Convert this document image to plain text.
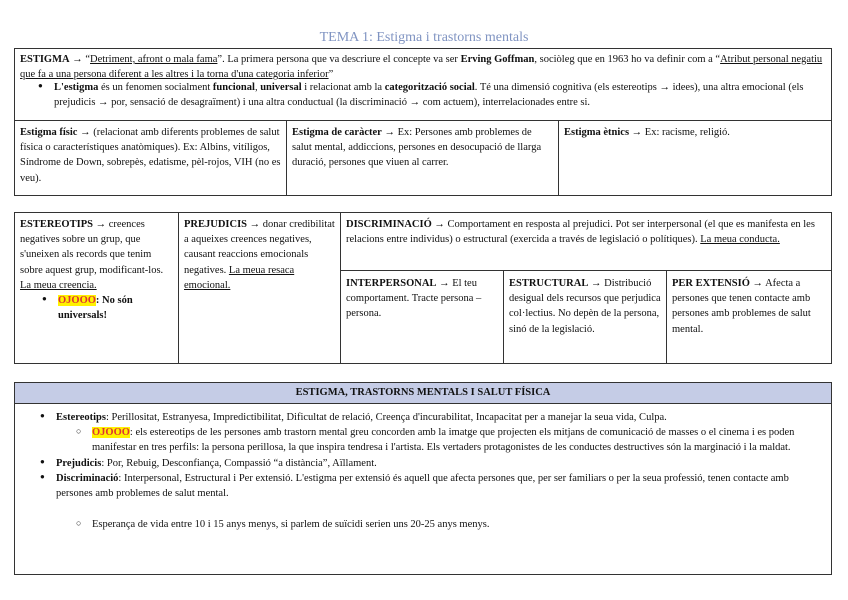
TEMA 1: Estigma i trastorns mentals
ESTIGMA → “Detriment, afront o mala fama”. La primera persona que va descriure el concepte va ser Erving Goffman, sociòleg que en 1963 ho va definir com a “Atribut personal negatiu que fa a una persona diferent a les altres i la torna d'una categoria inferior”
● L'estigma és un fenomen socialment funcional, universal i relacionat amb la categorització social. Té una dimensió cognitiva (els estereotips → idees), una altra emocional (els prejudicis → por, sensació de desagraïment) i una altra conductual (la discriminació → com actuem), interrelacionades entre si.
Estigma físic → (relacionat amb diferents problemes de salut física o característiques anatòmiques). Ex: Albins, vitíligos, Síndrome de Down, sobrepès, edatisme, pèl-rojos, VIH (no es veu).
Estigma de caràcter → Ex: Persones amb problemes de salut mental, addiccions, persones en desocupació de llarga duració, persones que viuen al carrer.
Estigma ètnics → Ex: racisme, religió.
ESTEREOTIPS → creences negatives sobre un grup, que s'uneixen als records que tenim sobre aquest grup, modificant-los. La meua creencia.
● OJOOO: No són universals!
PREJUDICIS → donar credibilitat a aqueixes creences negatives, causant reaccions emocionals negatives. La meua resaca emocional.
DISCRIMINACIÓ → Comportament en resposta al prejudici. Pot ser interpersonal (el que es manifesta en les relacions entre individus) o estructural (exercida a través de legislació o polítiques). La meua conducta.
INTERPERSONAL → El teu comportament. Tracte persona – persona.
ESTRUCTURAL → Distribució desigual dels recursos que perjudica col·lectius. No depèn de la persona, sinó de la legislació.
PER EXTENSIÓ → Afecta a persones que tenen contacte amb persones amb problemes de salut mental.
ESTIGMA, TRASTORNS MENTALS I SALUT FÍSICA
● Estereotips: Perillositat, Estranyesa, Impredictibilitat, Dificultat de relació, Creença d'incurabilitat, Incapacitat per a manejar la seua vida, Culpa.
○ OJOOO: els estereotips de les persones amb trastorn mental greu concorden amb la imatge que projecten els mitjans de comunicació de masses o el cinema i es poden manifestar en tres perfils: la persona perillosa, la que inspira tendresa i l'artista. Els vertaders protagonistes de les conductes destructives són la marginació i la maldat.
● Prejudicis: Por, Rebuig, Desconfiança, Compassió “a distància”, Aïllament.
● Discriminació: Interpersonal, Estructural i Per extensió. L'estigma per extensió és aquell que afecta persones que, per ser familiars o per la seua professió, tenen contacte amb persones amb problemes de salut mental.
○ Esperança de vida entre 10 i 15 anys menys, si parlem de suïcidi serien uns 20-25 anys menys.
